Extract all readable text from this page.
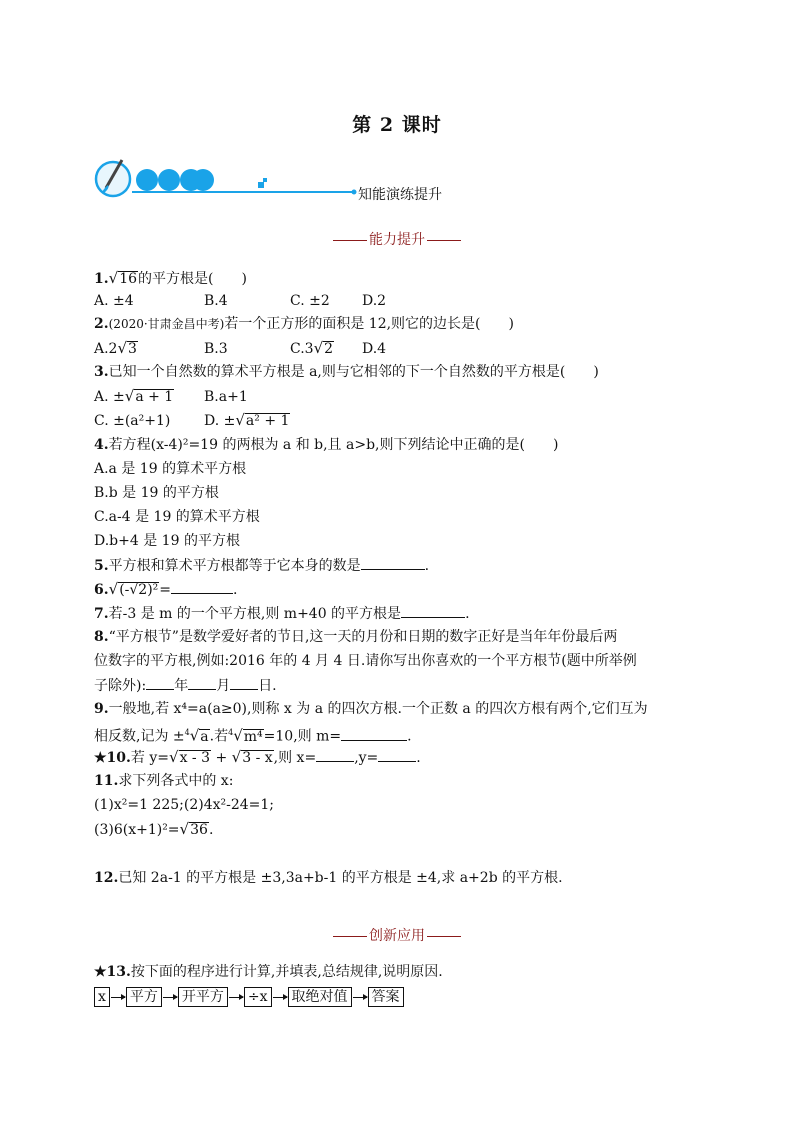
第 2 课时
知能演练提升
能力提升
1.√16的平方根是(　　)
A. ±4	B.4	C. ±2 D.2
2.(2020·甘肃金昌中考)若一个正方形的面积是 12,则它的边长是(　　)
A.2√3	B.3	C.3√2 D.4
3.已知一个自然数的算术平方根是 a,则与它相邻的下一个自然数的平方根是(　　)
A. ±√a + 1 B.a+1
C. ±(a²+1) D. ±√a² + 1
4.若方程(x-4)²=19 的两根为 a 和 b,且 a>b,则下列结论中正确的是(　　)
A.a 是 19 的算术平方根
B.b 是 19 的平方根
C.a-4 是 19 的算术平方根
D.b+4 是 19 的平方根
5.平方根和算术平方根都等于它本身的数是	.
6.√(-√2)²=	.
7.若-3 是 m 的一个平方根,则 m+40 的平方根是	.
8.“平方根节”是数学爱好者的节日,这一天的月份和日期的数字正好是当年年份最后两
位数字的平方根,例如:2016 年的 4 月 4 日.请你写出你喜欢的一个平方根节(题中所举例
子除外): 年 月 日.
9.一般地,若 x⁴=a(a≥0),则称 x 为 a 的四次方根.一个正数 a 的四次方根有两个,它们互为
相反数,记为 ±$^4$√a.若$^4$√m⁴=10,则 m=	.
★10.若 y=√x - 3 + √3 - x,则 x=	,y=	.
11.求下列各式中的 x:
(1)x²=1 225;(2)4x²-24=1;
(3)6(x+1)²=√36.
12.已知 2a-1 的平方根是 ±3,3a+b-1 的平方根是 ±4,求 a+2b 的平方根.
创新应用
★13.按下面的程序进行计算,并填表,总结规律,说明原因.
x 平方 开平方 ÷x 取绝对值 答案
